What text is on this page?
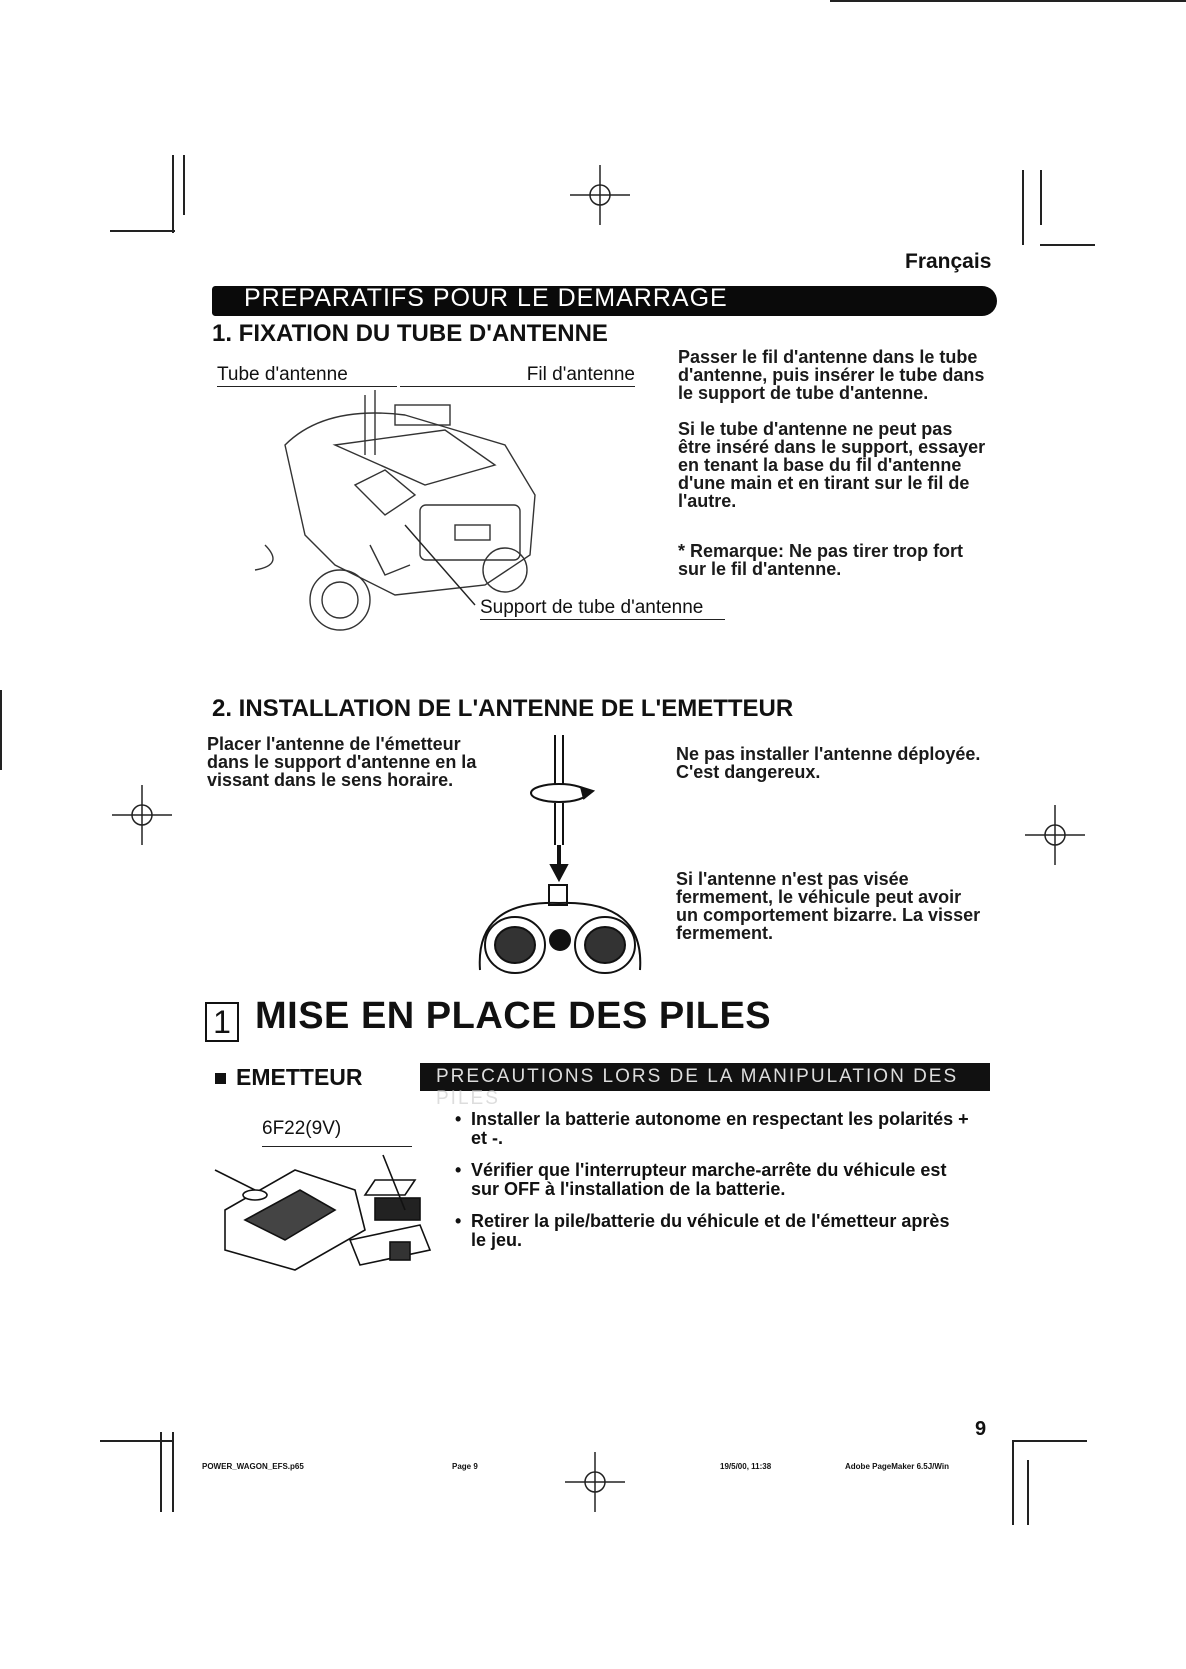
Français
PREPARATIFS POUR LE DEMARRAGE
1. FIXATION DU TUBE D'ANTENNE
Tube d'antenne	Fil d'antenne
Support de tube d'antenne
Passer le fil d'antenne dans le tube
d'antenne, puis insérer le tube dans
le support de tube d'antenne.
Si le tube d'antenne ne peut pas
être inséré dans le support, essayer
en tenant la base du fil d'antenne
d'une main et en tirant sur le fil de
l'autre.
* Remarque: Ne pas tirer trop fort
sur le fil d'antenne.
2. INSTALLATION DE L'ANTENNE DE L'EMETTEUR
Placer l'antenne de l'émetteur
dans le support d'antenne en la
vissant dans le sens horaire.
Ne pas installer l'antenne déployée.
C'est dangereux.
Si l'antenne n'est pas visée
fermement, le véhicule peut avoir
un comportement bizarre. La visser
fermement.
1 MISE EN PLACE DES PILES
EMETTEUR	PRECAUTIONS LORS DE LA MANIPULATION DES PILES
6F22(9V)	• Installer la batterie autonome en respectant les polarités +
et -.
• Vérifier que l'interrupteur marche-arrête du véhicule est
sur OFF à l'installation de la batterie.
• Retirer la pile/batterie du véhicule et de l'émetteur après
le jeu.
9
POWER_WAGON_EFS.p65	Page 9	19/5/00, 11:38	Adobe PageMaker 6.5J/Win
